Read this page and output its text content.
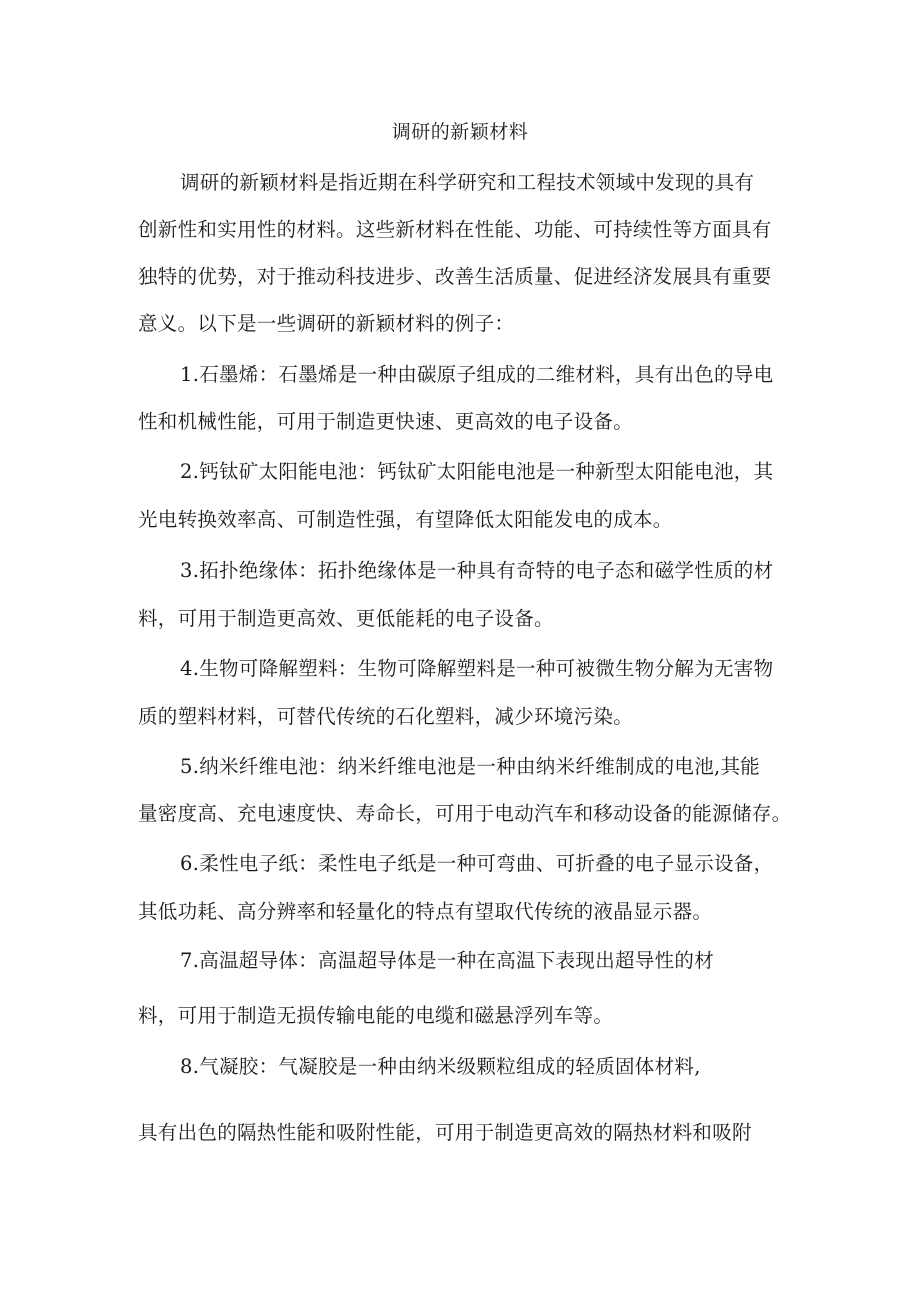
调研的新颖材料
调研的新颖材料是指近期在科学研究和工程技术领域中发现的具有
创新性和实用性的材料。这些新材料在性能、功能、可持续性等方面具有
独特的优势，对于推动科技进步、改善生活质量、促进经济发展具有重要
意义。以下是一些调研的新颖材料的例子：
1.石墨烯：石墨烯是一种由碳原子组成的二维材料，具有出色的导电
性和机械性能，可用于制造更快速、更高效的电子设备。
2.钙钛矿太阳能电池：钙钛矿太阳能电池是一种新型太阳能电池，其
光电转换效率高、可制造性强，有望降低太阳能发电的成本。
3.拓扑绝缘体：拓扑绝缘体是一种具有奇特的电子态和磁学性质的材
料，可用于制造更高效、更低能耗的电子设备。
4.生物可降解塑料：生物可降解塑料是一种可被微生物分解为无害物
质的塑料材料，可替代传统的石化塑料，减少环境污染。
5.纳米纤维电池：纳米纤维电池是一种由纳米纤维制成的电池,其能
量密度高、充电速度快、寿命长，可用于电动汽车和移动设备的能源储存。
6.柔性电子纸：柔性电子纸是一种可弯曲、可折叠的电子显示设备，
其低功耗、高分辨率和轻量化的特点有望取代传统的液晶显示器。
7.高温超导体：高温超导体是一种在高温下表现出超导性的材
料，可用于制造无损传输电能的电缆和磁悬浮列车等。
8.气凝胶：气凝胶是一种由纳米级颗粒组成的轻质固体材料,
具有出色的隔热性能和吸附性能，可用于制造更高效的隔热材料和吸附
